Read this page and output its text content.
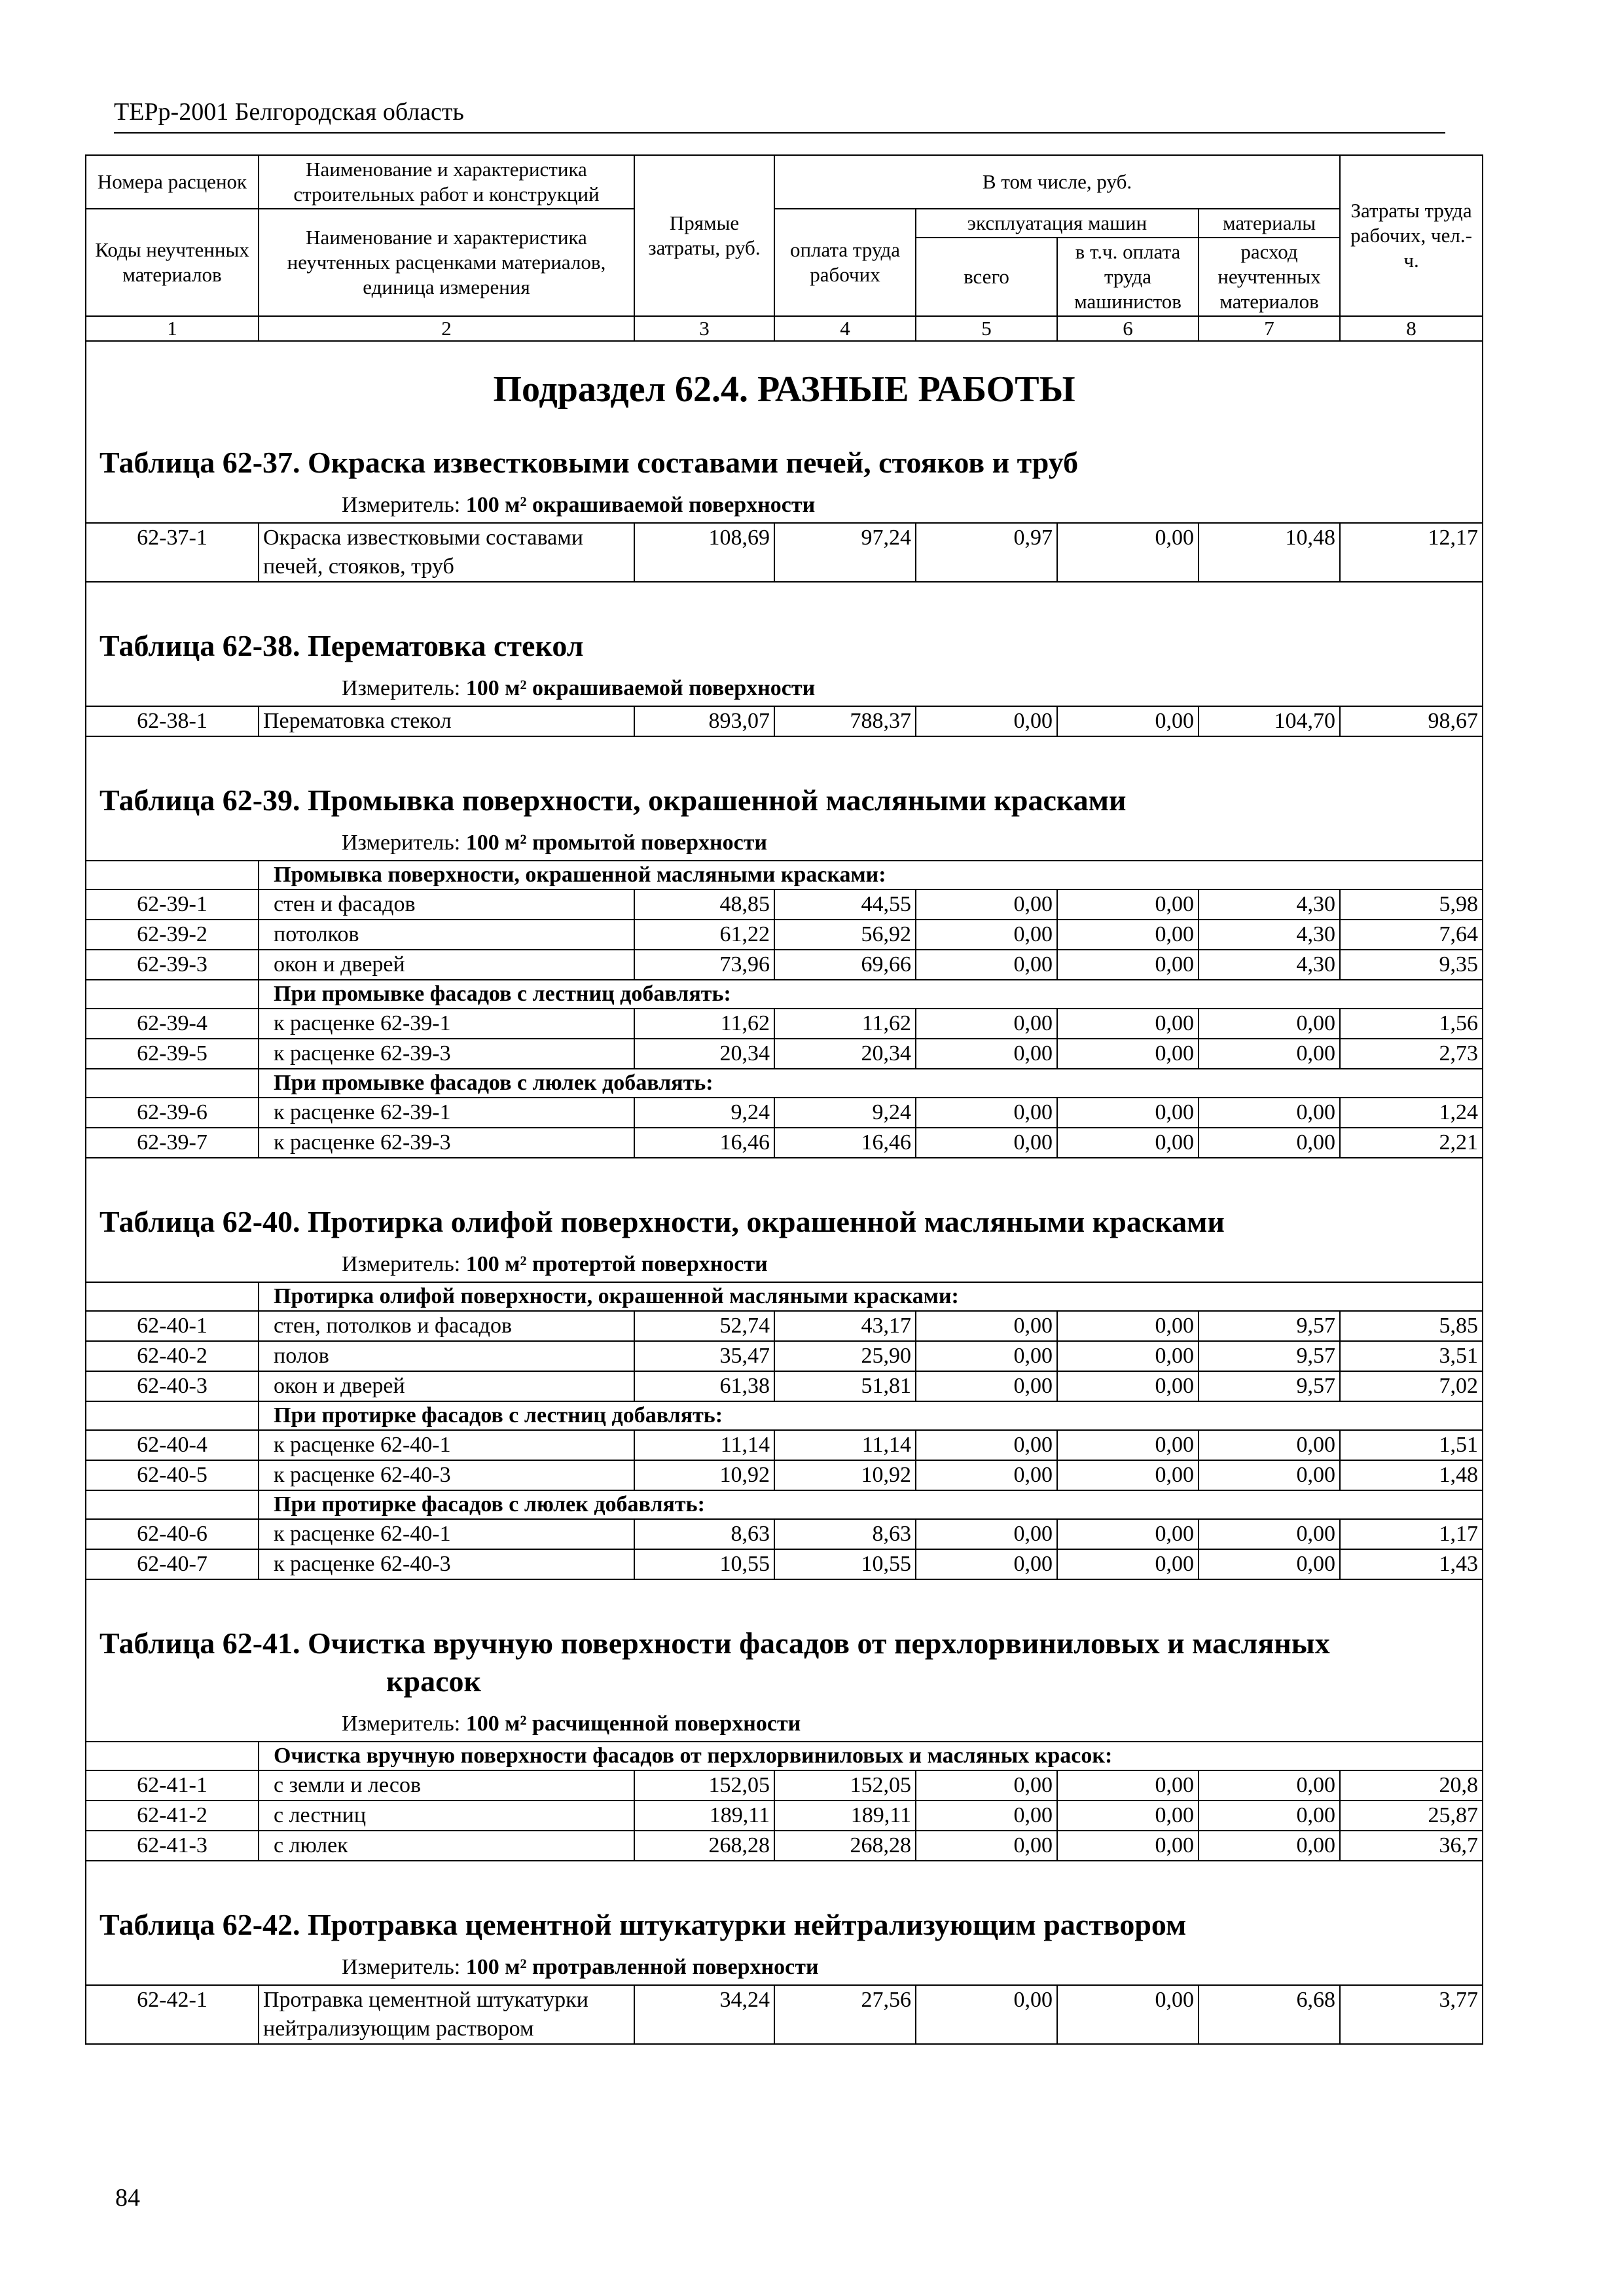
ТЕРр-2001 Белгородская область
Номера расценок	Наименование и характеристика строительных работ и конструкций	Прямые затраты, руб.	В том числе, руб.				Затраты труда рабочих, чел.-ч.
Коды неучтенных материалов	Наименование и характеристика неучтенных расценками материалов, единица измерения		оплата труда рабочих	эксплуатация машин		материалы	
				всего	в т.ч. оплата труда машинистов	расход неучтенных материалов	
1	2	3	4	5	6	7	8
Подраздел 62.4. РАЗНЫЕ РАБОТЫ							
Таблица 62-37. Окраска известковыми составами печей, стояков и труб							
Измеритель: 100 м² окрашиваемой поверхности							
62-37-1	Окраска известковыми составами печей, стояков, труб	108,69	97,24	0,97	0,00	10,48	12,17

Таблица 62-38. Перематовка стекол							
Измеритель: 100 м² окрашиваемой поверхности							
62-38-1	Перематовка стекол	893,07	788,37	0,00	0,00	104,70	98,67

Таблица 62-39. Промывка поверхности, окрашенной масляными красками							
Измеритель: 100 м² промытой поверхности							
	Промывка поверхности, окрашенной масляными красками:						
62-39-1	стен и фасадов	48,85	44,55	0,00	0,00	4,30	5,98
62-39-2	потолков	61,22	56,92	0,00	0,00	4,30	7,64
62-39-3	окон и дверей	73,96	69,66	0,00	0,00	4,30	9,35
	При промывке фасадов с лестниц добавлять:						
62-39-4	к расценке 62-39-1	11,62	11,62	0,00	0,00	0,00	1,56
62-39-5	к расценке 62-39-3	20,34	20,34	0,00	0,00	0,00	2,73
	При промывке фасадов с люлек добавлять:						
62-39-6	к расценке 62-39-1	9,24	9,24	0,00	0,00	0,00	1,24
62-39-7	к расценке 62-39-3	16,46	16,46	0,00	0,00	0,00	2,21

Таблица 62-40. Протирка олифой поверхности, окрашенной масляными красками							
Измеритель: 100 м² протертой поверхности							
	Протирка олифой поверхности, окрашенной масляными красками:						
62-40-1	стен, потолков и фасадов	52,74	43,17	0,00	0,00	9,57	5,85
62-40-2	полов	35,47	25,90	0,00	0,00	9,57	3,51
62-40-3	окон и дверей	61,38	51,81	0,00	0,00	9,57	7,02
	При протирке фасадов с лестниц добавлять:						
62-40-4	к расценке 62-40-1	11,14	11,14	0,00	0,00	0,00	1,51
62-40-5	к расценке 62-40-3	10,92	10,92	0,00	0,00	0,00	1,48
	При протирке фасадов с люлек добавлять:						
62-40-6	к расценке 62-40-1	8,63	8,63	0,00	0,00	0,00	1,17
62-40-7	к расценке 62-40-3	10,55	10,55	0,00	0,00	0,00	1,43

Таблица 62-41. Очистка вручную поверхности фасадов от перхлорвиниловых и масляных
красок							

Измеритель: 100 м² расчищенной поверхности							
	Очистка вручную поверхности фасадов от перхлорвиниловых и масляных красок:						
62-41-1	с земли и лесов	152,05	152,05	0,00	0,00	0,00	20,8
62-41-2	с лестниц	189,11	189,11	0,00	0,00	0,00	25,87
62-41-3	с люлек	268,28	268,28	0,00	0,00	0,00	36,7

Таблица 62-42. Протравка цементной штукатурки нейтрализующим раствором							
Измеритель: 100 м² протравленной поверхности							
62-42-1	Протравка цементной штукатурки нейтрализующим раствором	34,24	27,56	0,00	0,00	6,68	3,77
84
